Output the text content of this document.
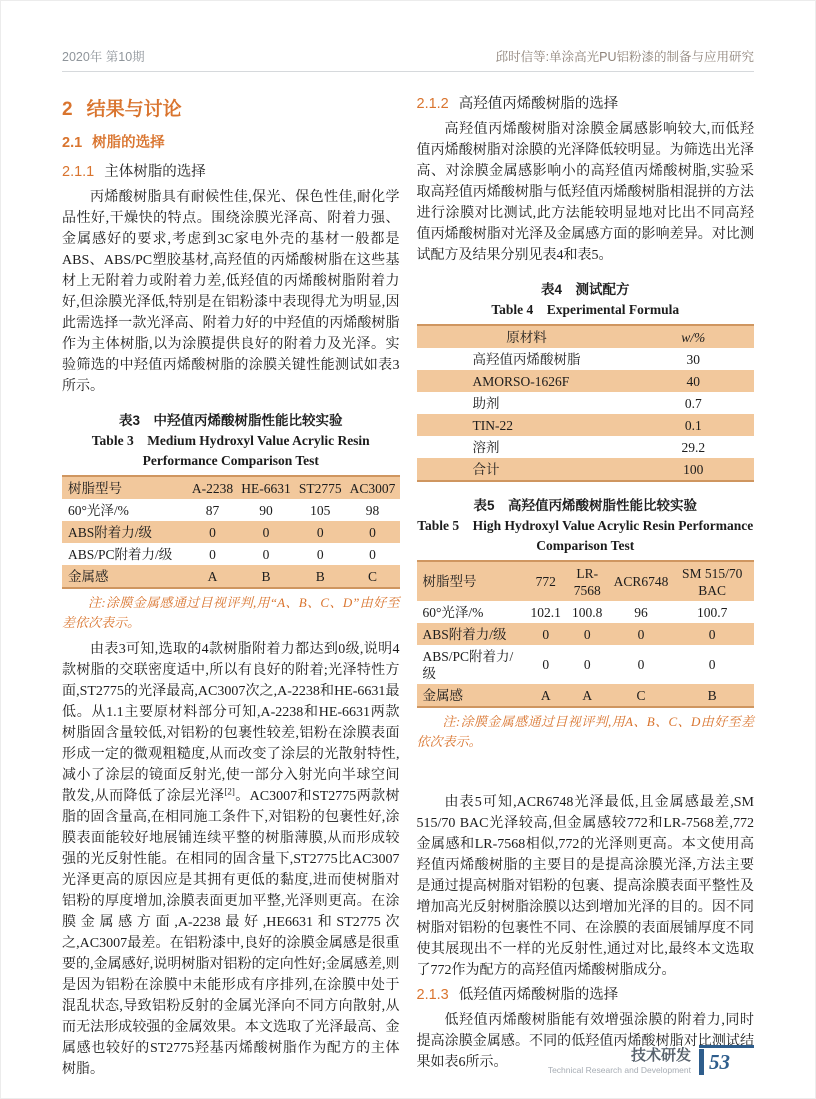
2020年 第10期	邱时信等:单涂高光PU铝粉漆的制备与应用研究
2 结果与讨论
2.1 树脂的选择
2.1.1 主体树脂的选择

丙烯酸树脂具有耐候性佳,保光、保色性佳,耐化学品性好,干燥快的特点。围绕涂膜光泽高、附着力强、金属感好的要求,考虑到3C家电外壳的基材一般都是ABS、ABS/PC塑胶基材,高羟值的丙烯酸树脂在这些基材上无附着力或附着力差,低羟值的丙烯酸树脂附着力好,但涂膜光泽低,特别是在铝粉漆中表现得尤为明显,因此需选择一款光泽高、附着力好的中羟值的丙烯酸树脂作为主体树脂,以为涂膜提供良好的附着力及光泽。实验筛选的中羟值丙烯酸树脂的涂膜关键性能测试如表3所示。

表3　中羟值丙烯酸树脂性能比较实验
Table 3　Medium Hydroxyl Value Acrylic Resin
Performance Comparison Test
树脂型号	A-2238	HE-6631	ST2775	AC3007
60°光泽/%	87	90	105	98
ABS附着力/级	0	0	0	0
ABS/PC附着力/级	0	0	0	0
金属感	A	B	B	C

注:涂膜金属感通过目视评判,用“A、B、C、D”由好至差依次表示。

由表3可知,选取的4款树脂附着力都达到0级,说明4款树脂的交联密度适中,所以有良好的附着;光泽特性方面,ST2775的光泽最高,AC3007次之,A-2238和HE-6631最低。从1.1主要原材料部分可知,A-2238和HE-6631两款树脂固含量较低,对铝粉的包裹性较差,铝粉在涂膜表面形成一定的微观粗糙度,从而改变了涂层的光散射特性,减小了涂层的镜面反射光,使一部分入射光向半球空间散发,从而降低了涂层光泽[2]。AC3007和ST2775两款树脂的固含量高,在相同施工条件下,对铝粉的包裹性好,涂膜表面能较好地展铺连续平整的树脂薄膜,从而形成较强的光反射性能。在相同的固含量下,ST2775比AC3007光泽更高的原因应是其拥有更低的黏度,进而使树脂对铝粉的厚度增加,涂膜表面更加平整,光泽则更高。在涂膜金属感方面,A-2238最好,HE6631和ST2775次之,AC3007最差。在铝粉漆中,良好的涂膜金属感是很重要的,金属感好,说明树脂对铝粉的定向性好;金属感差,则是因为铝粉在涂膜中未能形成有序排列,在涂膜中处于混乱状态,导致铝粉反射的金属光泽向不同方向散射,从而无法形成较强的金属效果。本文选取了光泽最高、金属感也较好的ST2775羟基丙烯酸树脂作为配方的主体树脂。

2.1.2 高羟值丙烯酸树脂的选择

高羟值丙烯酸树脂对涂膜金属感影响较大,而低羟值丙烯酸树脂对涂膜的光泽降低较明显。为筛选出光泽高、对涂膜金属感影响小的高羟值丙烯酸树脂,实验采取高羟值丙烯酸树脂与低羟值丙烯酸树脂相混拼的方法进行涂膜对比测试,此方法能较明显地对比出不同高羟值丙烯酸树脂对光泽及金属感方面的影响差异。对比测试配方及结果分别见表4和表5。

表4　测试配方
Table 4　Experimental Formula
原材料	w/%
高羟值丙烯酸树脂	30
AMORSO-1626F	40
助剂	0.7
TIN-22	0.1
溶剂	29.2
合计	100
表5　高羟值丙烯酸树脂性能比较实验
Table 5　High Hydroxyl Value Acrylic Resin Performance
Comparison Test
树脂型号	772	LR-7568	ACR6748	SM 515/70 BAC
60°光泽/%	102.1	100.8	96	100.7
ABS附着力/级	0	0	0	0
ABS/PC附着力/级	0	0	0	0
金属感	A	A	C	B

注:涂膜金属感通过目视评判,用A、B、C、D由好至差依次表示。

由表5可知,ACR6748光泽最低,且金属感最差,SM 515/70 BAC光泽较高,但金属感较772和LR-7568差,772金属感和LR-7568相似,772的光泽则更高。本文使用高羟值丙烯酸树脂的主要目的是提高涂膜光泽,方法主要是通过提高树脂对铝粉的包裹、提高涂膜表面平整性及增加高光反射树脂涂膜以达到增加光泽的目的。因不同树脂对铝粉的包裹性不同、在涂膜的表面展铺厚度不同使其展现出不一样的光反射性,通过对比,最终本文选取了772作为配方的高羟值丙烯酸树脂成分。

2.1.3 低羟值丙烯酸树脂的选择

低羟值丙烯酸树脂能有效增强涂膜的附着力,同时提高涂膜金属感。不同的低羟值丙烯酸树脂对比测试结果如表6所示。	技术研发
Technical Research and Development 53
